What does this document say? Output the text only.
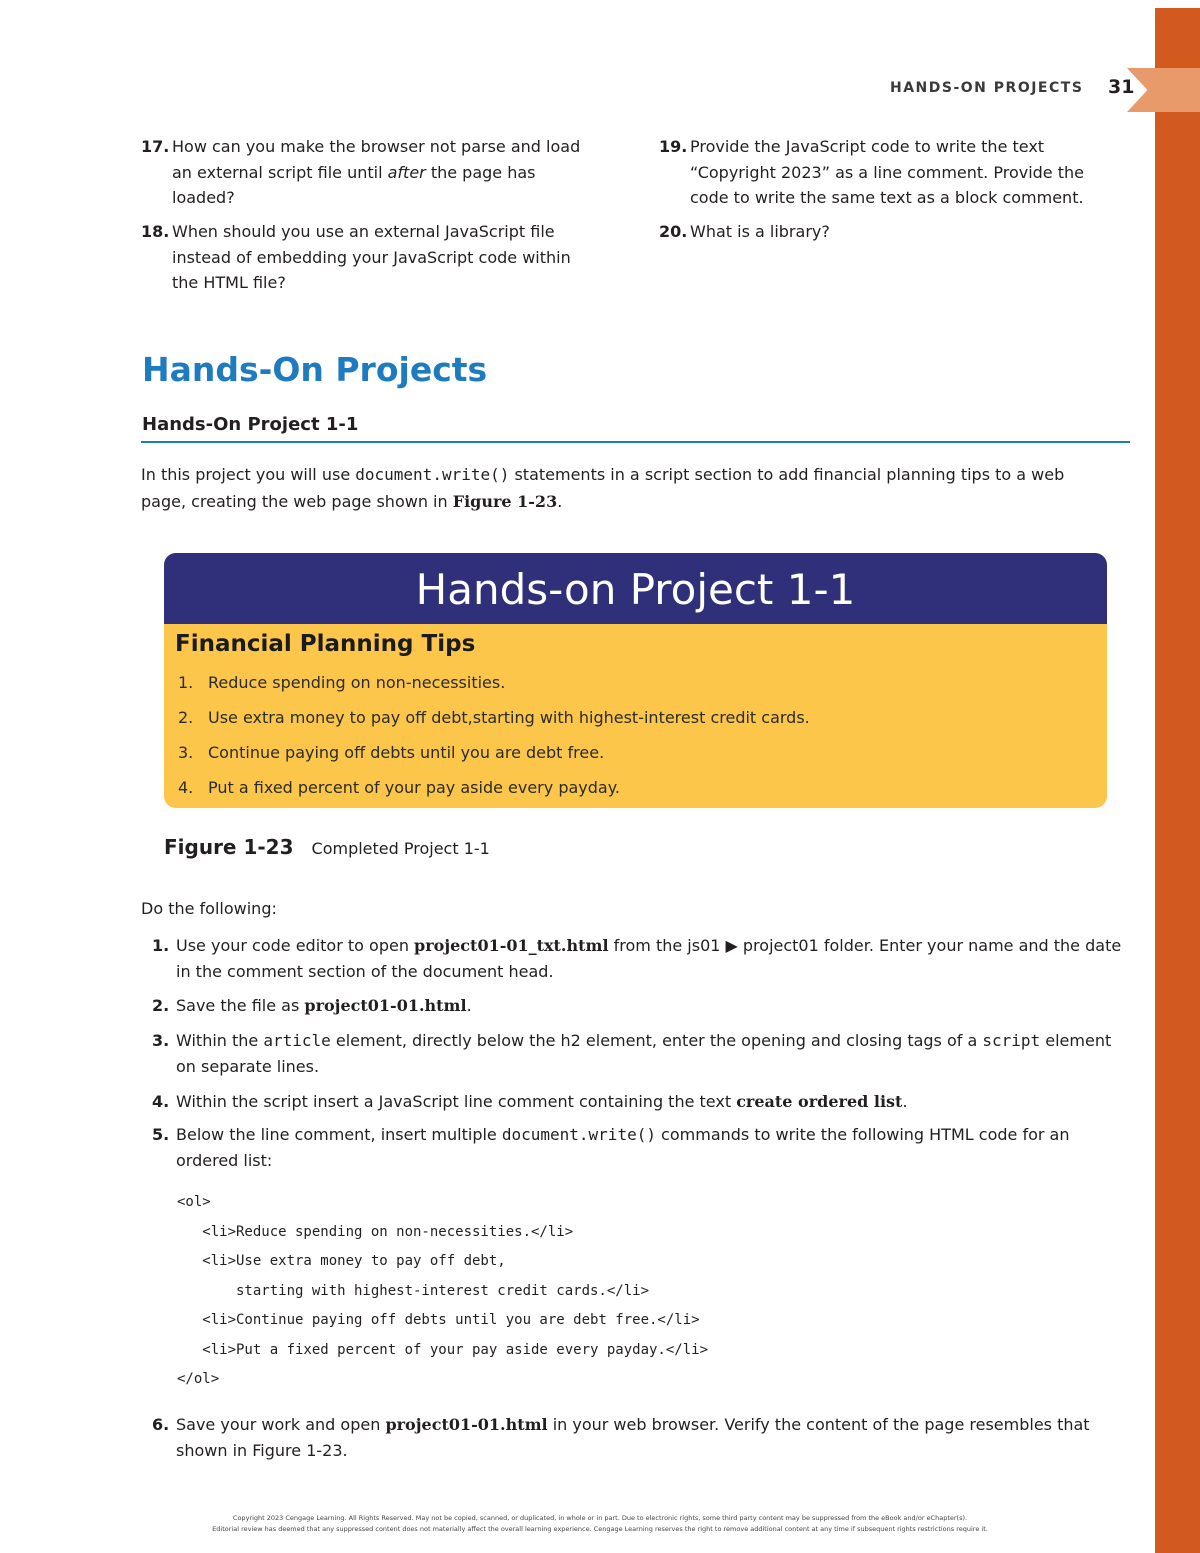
HANDS-ON PROJECTS 31
17. How can you make the browser not parse and load an external script file until after the page has loaded?
18. When should you use an external JavaScript file instead of embedding your JavaScript code within the HTML file?
19. Provide the JavaScript code to write the text “Copyright 2023” as a line comment. Provide the code to write the same text as a block comment.
20. What is a library?
Hands-On Projects
Hands-On Project 1-1
In this project you will use document.write() statements in a script section to add financial planning tips to a web page, creating the web page shown in Figure 1-23.
Hands-on Project 1-1
Financial Planning Tips
1. Reduce spending on non-necessities.
2. Use extra money to pay off debt,starting with highest-interest credit cards.
3. Continue paying off debts until you are debt free.
4. Put a fixed percent of your pay aside every payday.
Figure 1-23 Completed Project 1-1
Do the following:
1. Use your code editor to open project01-01_txt.html from the js01 ▶ project01 folder. Enter your name and the date in the comment section of the document head.
2. Save the file as project01-01.html.
3. Within the article element, directly below the h2 element, enter the opening and closing tags of a script element on separate lines.
4. Within the script insert a JavaScript line comment containing the text create ordered list.
5. Below the line comment, insert multiple document.write() commands to write the following HTML code for an ordered list:
<ol>
<li>Reduce spending on non-necessities.</li>
<li>Use extra money to pay off debt,
starting with highest-interest credit cards.</li>
<li>Continue paying off debts until you are debt free.</li>
<li>Put a fixed percent of your pay aside every payday.</li>
</ol>
6. Save your work and open project01-01.html in your web browser. Verify the content of the page resembles that shown in Figure 1-23.
Copyright 2023 Cengage Learning. All Rights Reserved. May not be copied, scanned, or duplicated, in whole or in part. Due to electronic rights, some third party content may be suppressed from the eBook and/or eChapter(s).
Editorial review has deemed that any suppressed content does not materially affect the overall learning experience. Cengage Learning reserves the right to remove additional content at any time if subsequent rights restrictions require it.
